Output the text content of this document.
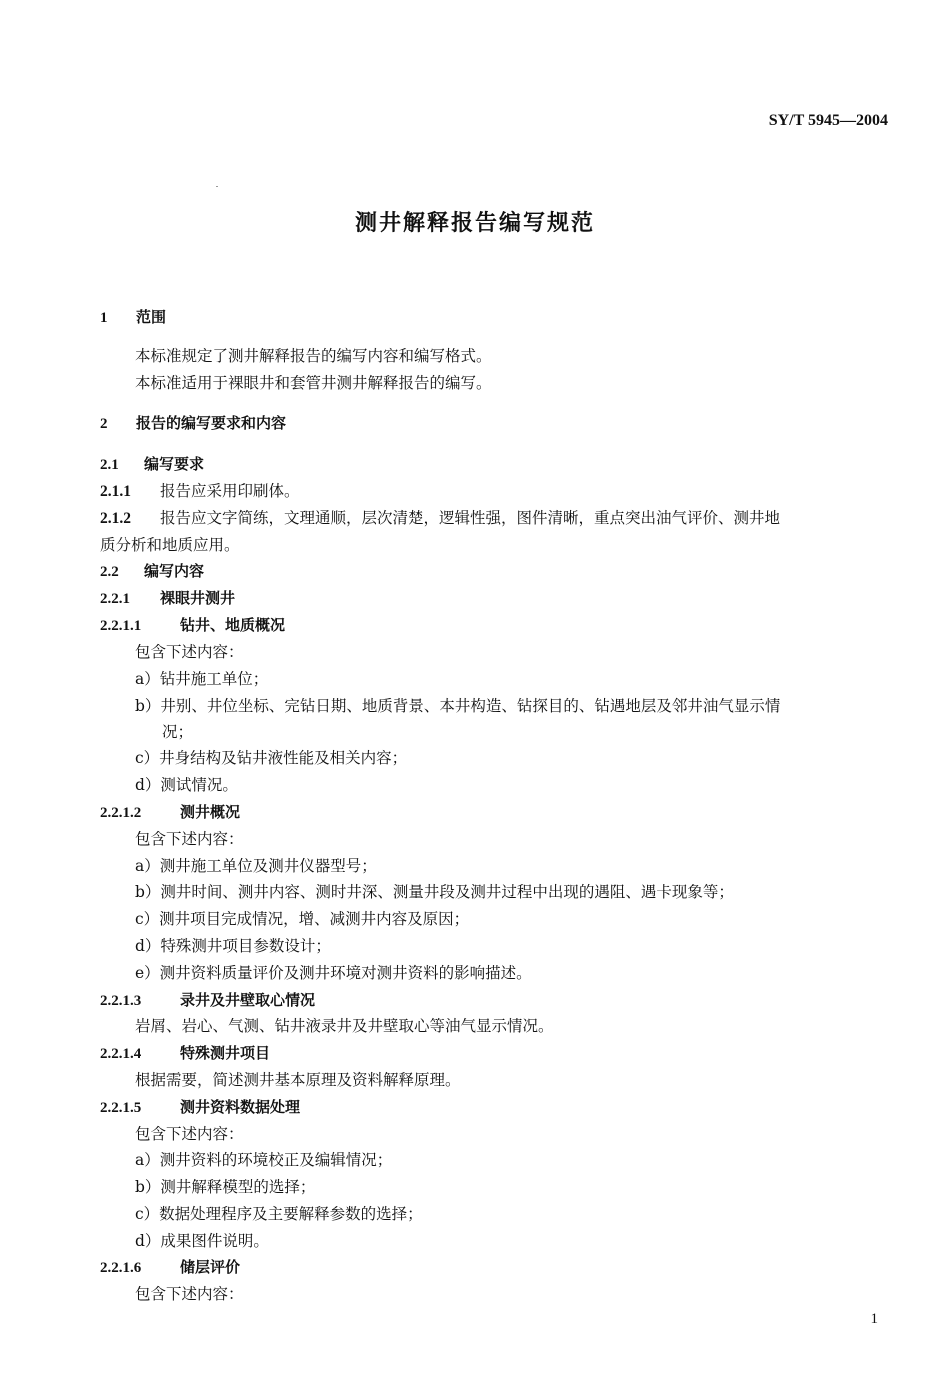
SY/T 5945—2004
测井解释报告编写规范
1 范围
本标准规定了测井解释报告的编写内容和编写格式。
本标准适用于裸眼井和套管井测井解释报告的编写。
2 报告的编写要求和内容
2.1 编写要求
2.1.1 报告应采用印刷体。
2.1.2 报告应文字简练，文理通顺，层次清楚，逻辑性强，图件清晰，重点突出油气评价、测井地
质分析和地质应用。
2.2 编写内容
2.2.1 裸眼井测井
2.2.1.1	钻井、地质概况
包含下述内容：
a）钻井施工单位；
b）井别、井位坐标、完钻日期、地质背景、本井构造、钻探目的、钻遇地层及邻井油气显示情
况；
c）井身结构及钻井液性能及相关内容；
d）测试情况。
2.2.1.2	测井概况
包含下述内容：
a）测井施工单位及测井仪器型号；
b）测井时间、测井内容、测时井深、测量井段及测井过程中出现的遇阻、遇卡现象等；
c）测井项目完成情况，增、减测井内容及原因；
d）特殊测井项目参数设计；
e）测井资料质量评价及测井环境对测井资料的影响描述。
2.2.1.3	录井及井壁取心情况
岩屑、岩心、气测、钻井液录井及井壁取心等油气显示情况。
2.2.1.4	特殊测井项目
根据需要，简述测井基本原理及资料解释原理。
2.2.1.5	测井资料数据处理
包含下述内容：
a）测井资料的环境校正及编辑情况；
b）测井解释模型的选择；
c）数据处理程序及主要解释参数的选择；
d）成果图件说明。
2.2.1.6	储层评价
包含下述内容：
1
